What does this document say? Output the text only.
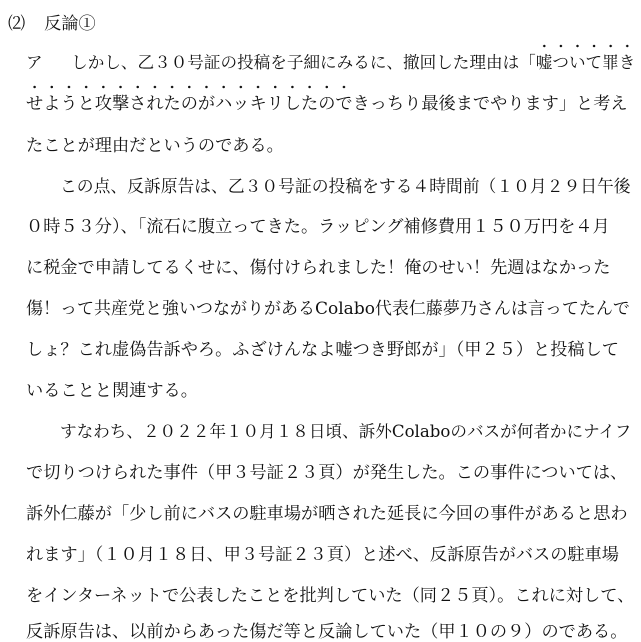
⑵ 反論①
ア しかし、乙３０号証の投稿を子細にみるに、撤回した理由は「
嘘ついて罪き
せようと攻撃されたのがハッキリしたのできっちり最後までやります」と考え
たことが理由だというのである。
この点、反訴原告は、乙３０号証の投稿をする４時間前（１０月２９日午後
０時５３分）、「流石に腹立ってきた。ラッピング補修費用１５０万円を４月
に税金で申請してるくせに、傷付けられました！俺のせい！先週はなかった
傷！って共産党と強いつながりがあるColabo代表仁藤夢乃さんは言ってたんで
しょ？これ虚偽告訴やろ。ふざけんなよ嘘つき野郎が」（甲２５）と投稿して
いることと関連する。
すなわち、２０２２年１０月１８日頃、訴外Colaboのバスが何者かにナイフ
で切りつけられた事件（甲３号証２３頁）が発生した。この事件については、
訴外仁藤が「少し前にバスの駐車場が晒された延長に今回の事件があると思わ
れます」（１０月１８日、甲３号証２３頁）と述べ、反訴原告がバスの駐車場
をインターネットで公表したことを批判していた（同２５頁）。これに対して、
反訴原告は、以前からあった傷だ等と反論していた（甲１０の９）のである。
